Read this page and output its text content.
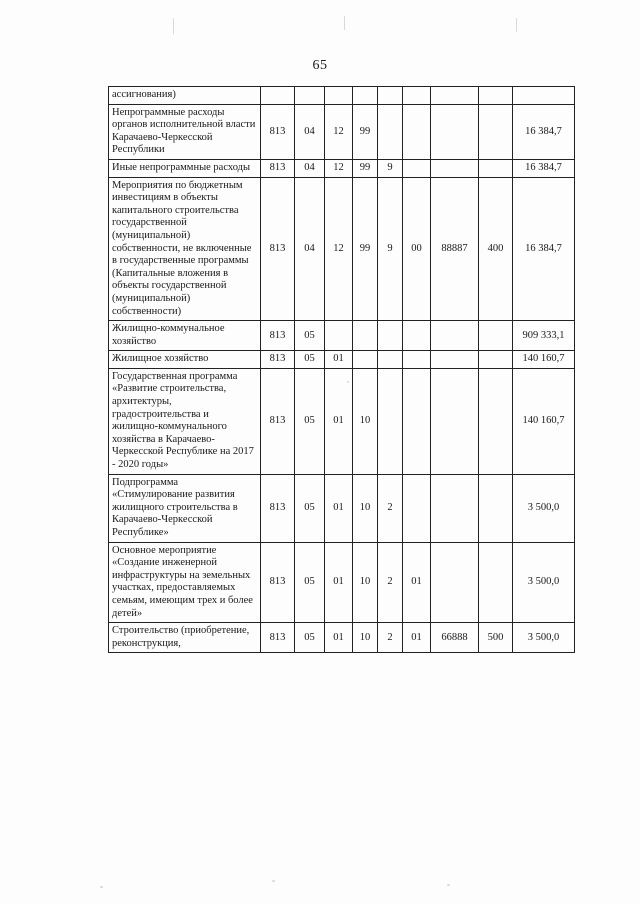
65
ассигнования)									
Непрограммные расходы органов исполнительной власти Карачаево-Черкесской Республики	813	04	12	99					16 384,7
Иные непрограммные расходы	813	04	12	99	9				16 384,7
Мероприятия по бюджетным инвестициям в объекты капитального строительства государственной (муниципальной) собственности, не включенные в государственные программы (Капитальные вложения в объекты государственной (муниципальной) собственности)	813	04	12	99	9	00	88887	400	16 384,7
Жилищно-коммунальное хозяйство	813	05							909 333,1
Жилищное хозяйство	813	05	01						140 160,7
Государственная программа «Развитие строительства, архитектуры, градостроительства и жилищно-коммунального хозяйства в Карачаево-Черкесской Республике на 2017 - 2020 годы»	813	05	01	10					140 160,7
Подпрограмма «Стимулирование развития жилищного строительства в Карачаево-Черкесской Республике»	813	05	01	10	2				3 500,0
Основное мероприятие «Создание инженерной инфраструктуры на земельных участках, предоставляемых семьям, имеющим трех и более детей»	813	05	01	10	2	01			3 500,0
Строительство (приобретение, реконструкция,	813	05	01	10	2	01	66888	500	3 500,0
